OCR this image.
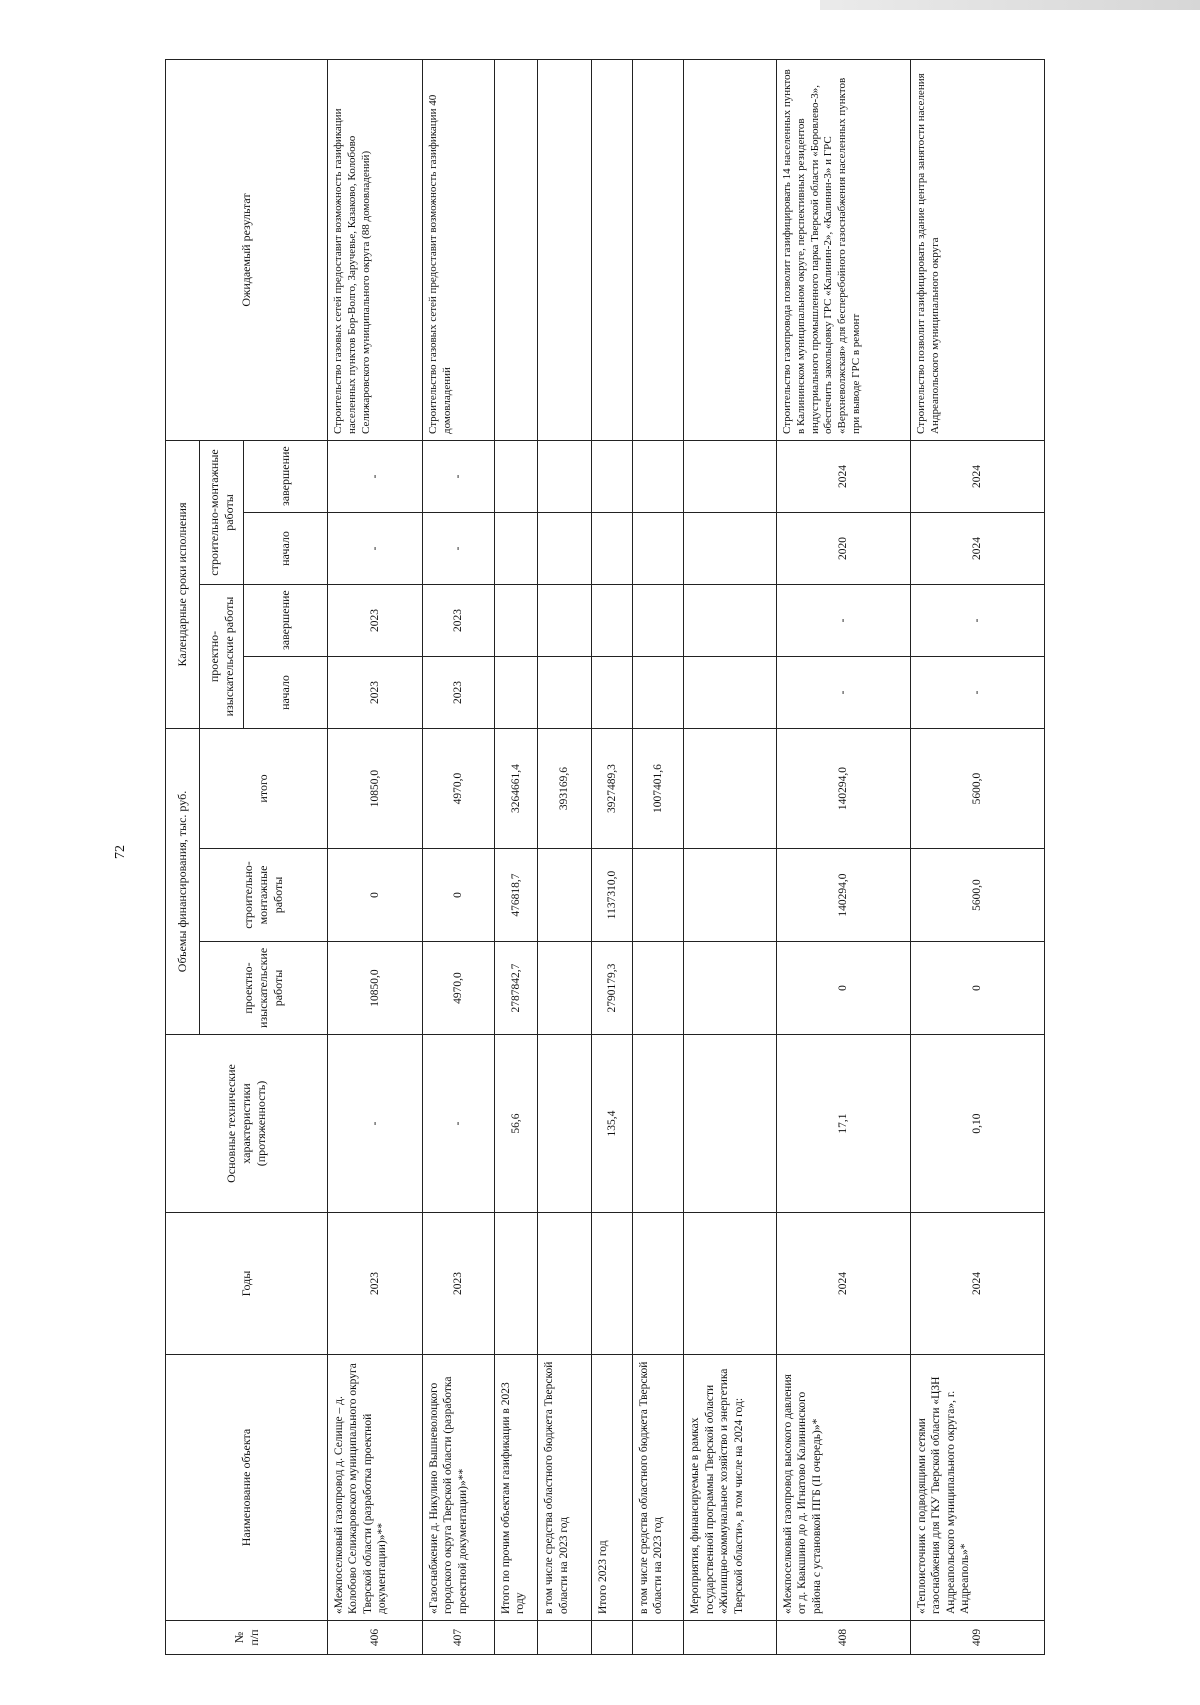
72
№ п/п	Наименование объекта	Годы	Основные технические характеристики (протяженность)	Объемы финансирования, тыс. руб.			Календарные сроки исполнения				Ожидаемый результат
				проектно-изыскательские работы	строительно-монтажные работы	итого	проектно-изыскательские работы		строительно-монтажные работы		
							начало	завершение	начало	завершение	
406	«Межпоселковый газопровод д. Селище – д. Колобово Селижаровского муниципального округа Тверской области (разработка проектной документации)»**	2023	-	10850,0	0	10850,0	2023	2023	-	-	Строительство газовых сетей предоставит возможность газификации населенных пунктов Бор-Волго, Заручевье, Казаково, Колобово Селижаровского муниципального округа (88 домовладений)
407	«Газоснабжение д. Никулино Вышневолоцкого городского округа Тверской области (разработка проектной документации)»**	2023	-	4970,0	0	4970,0	2023	2023	-	-	Строительство газовых сетей предоставит возможность газификации 40 домовладений
	Итого по прочим объектам газификации в 2023 году		56,6	2787842,7	476818,7	3264661,4					
	в том числе средства областного бюджета Тверской области на 2023 год					393169,6					
	Итого 2023 год		135,4	2790179,3	1137310,0	3927489,3					
	в том числе средства областного бюджета Тверской области на 2023 год					1007401,6					
	Мероприятия, финансируемые в рамках государственной программы Тверской области «Жилищно-коммунальное хозяйство и энергетика Тверской области», в том числе на 2024 год:										
408	«Межпоселковый газопровод высокого давления от д. Квакшино до д. Игнатово Калининского района с установкой ПГБ (II очередь)»*	2024	17,1	0	140294,0	140294,0	-	-	2020	2024	Строительство газопровода позволит газифицировать 14 населенных пунктов в Калининском муниципальном округе, перспективных резидентов индустриального промышленного парка Тверской области «Боровлево-3», обеспечить закольцовку ГРС «Калинин-2», «Калинин-3» и ГРС «Верхневолжская» для бесперебойного газоснабжения населенных пунктов при выводе ГРС в ремонт
409	«Теплоисточник с подводящими сетями газоснабжения для ГКУ Тверской области «ЦЗН Андреапольского муниципального округа», г. Андреаполь»*	2024	0,10	0	5600,0	5600,0	-	-	2024	2024	Строительство позволит газифицировать здание центра занятости населения Андреапольского муниципального округа
